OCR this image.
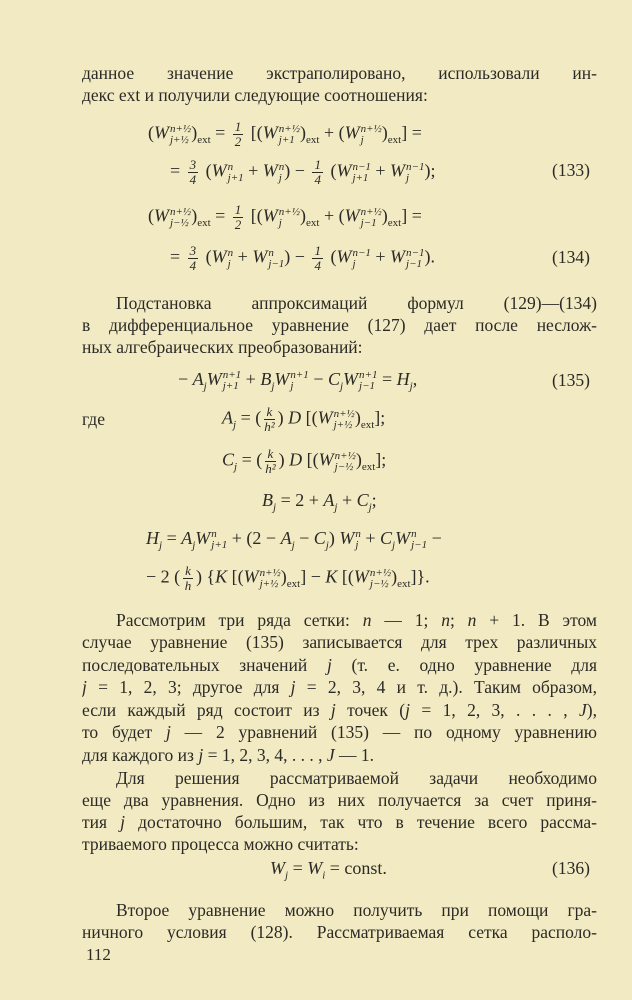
данное значение экстраполировано, использовали ин-
декс ext и получили следующие соотношения:
(W n+½
j+½ )$_{ext} = \frac{1}{2} [(W$ n+½
j+1 )$_{ext} + (W$ n+½
j	)$_{ext}$] =
= $\frac{3}{4} (W$ n
j+1 + W n
j ) − $\frac{1}{4} (W$ n−1
j+1 + W n−1
j );	(133)
(W n+½
j−½ )$_{ext} = \frac{1}{2} [(W$ n+½
j	)$_{ext} + (W$ n+½
j−1 )$_{ext}$] =
= $\frac{3}{4} (W$ n
j + W n
j−1 ) − $\frac{1}{4} (W$ n−1
j + W n−1
j−1 ).	(134)
Подстановка аппроксимаций формул (129)—(134)
в дифференциальное уравнение (127) дает после неслож-
ных алгебраических преобразований:
− $A_jW$ n+1
$j+1 + B_jW$ n+1
$j - C_jW$ n+1
$j-1 = H_j$,	(135)
где	$A_j$ = ( $\frac{k}{\text{h²}}$ ) D [(W n+½
j+½ )$_{ext}$];
$C_j$ = ( $\frac{k}{\text{h²}}$ ) D [(W n+½
j−½ )$_{ext}$];
$B_j = 2 + A_j + C_j$;
$H_j = A_jW$ n
$j+1 + (2 - A_j - C_j)$ W n
$j + C_jW$ n
j−1 −
− 2 ( $\frac{k}{h}$ ) {K [(W n+½
j+½ )$_{ext}] - K$ [(W n+½
j−½ )$_{ext}$]}.
Рассмотрим три ряда сетки: n — 1; n; n + 1. В этом
случае уравнение (135) записывается для трех различных
последовательных значений j (т. е. одно уравнение для
j = 1, 2, 3; другое для j = 2, 3, 4 и т. д.). Таким образом,
если каждый ряд состоит из j точек (j = 1, 2, 3, . . . , J),
то будет j — 2 уравнений (135) — по одному уравнению
для каждого из j = 1, 2, 3, 4, . . . , J — 1.
Для решения рассматриваемой задачи необходимо
еще два уравнения. Одно из них получается за счет приня-
тия j достаточно большим, так что в течение всего рассма-
триваемого процесса можно считать:
$W_j = W_i$ = const.	(136)
Второе уравнение можно получить при помощи гра-
ничного условия (128). Рассматриваемая сетка располо-
112
